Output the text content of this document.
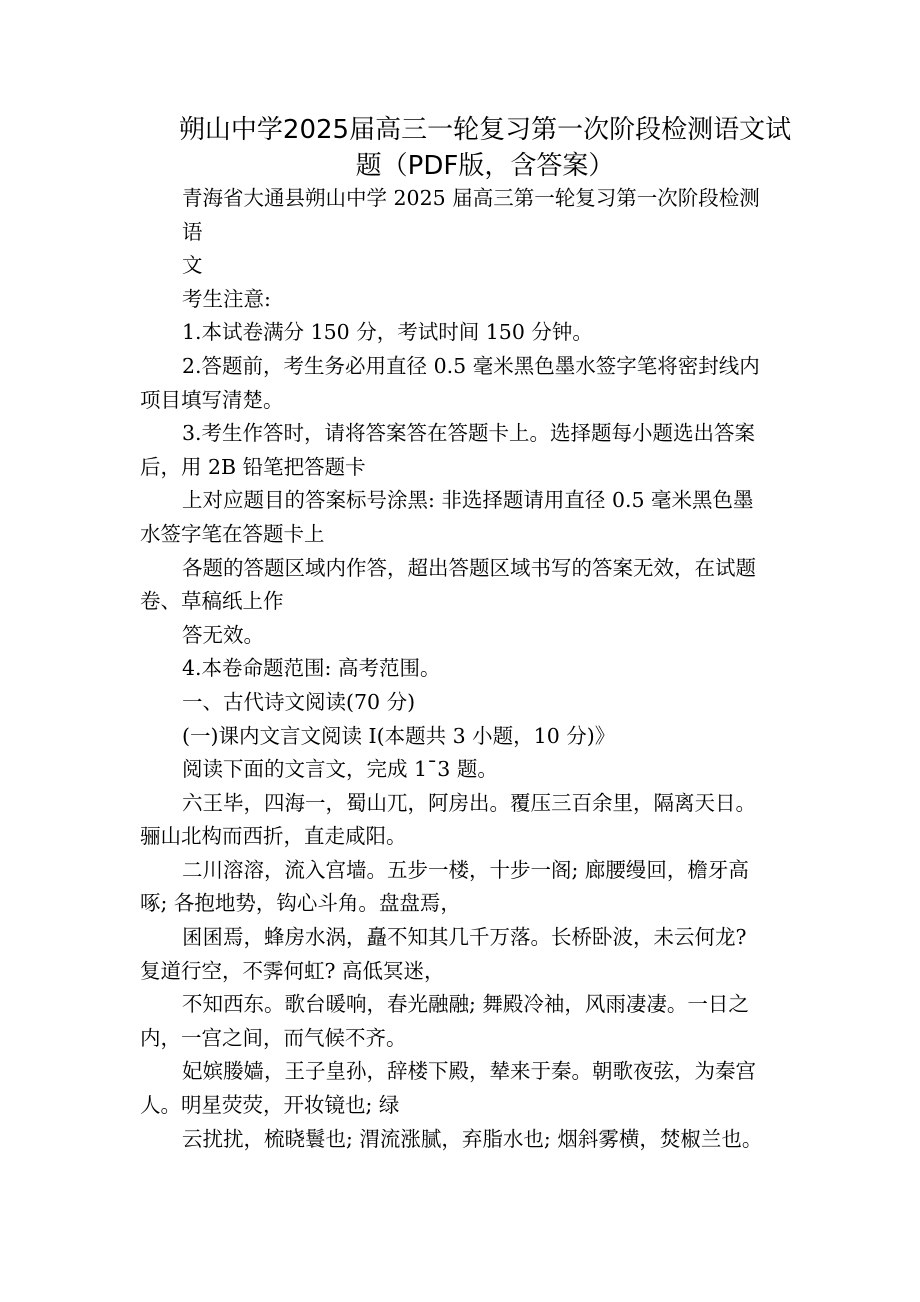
朔山中学2025届高三一轮复习第一次阶段检测语文试
题（PDF版，含答案）
青海省大通县朔山中学 2025 届高三第一轮复习第一次阶段检测
语
文
考生注意:
1.本试卷满分 150 分，考试时间 150 分钟。
2.答题前，考生务必用直径 0.5 毫米黑色墨水签字笔将密封线内
项目填写清楚。
3.考生作答时，请将答案答在答题卡上。选择题每小题选出答案
后，用 2B 铅笔把答题卡
上对应题目的答案标号涂黑: 非选择题请用直径 0.5 毫米黑色墨
水签字笔在答题卡上
各题的答题区域内作答，超出答题区域书写的答案无效，在试题
卷、草稿纸上作
答无效。
4.本卷命题范围: 高考范围。
一、古代诗文阅读(70 分)
(一)课内文言文阅读 I(本题共 3 小题，10 分)》
阅读下面的文言文，完成 1¯3 题。
六王毕，四海一，蜀山兀，阿房出。覆压三百余里，隔离天日。
骊山北构而西折，直走咸阳。
二川溶溶，流入宫墙。五步一楼，十步一阁; 廊腰缦回，檐牙高
啄; 各抱地势，钩心斗角。盘盘焉，
囷囷焉，蜂房水涡，矗不知其几千万落。长桥卧波，未云何龙?
复道行空，不霁何虹? 高低冥迷，
不知西东。歌台暖响，春光融融; 舞殿冷袖，风雨凄凄。一日之
内，一宫之间，而气候不齐。
妃嫔媵嫱，王子皇孙，辞楼下殿，辇来于秦。朝歌夜弦，为秦宫
人。明星荧荧，开妆镜也; 绿
云扰扰，梳晓鬟也; 渭流涨腻，弃脂水也; 烟斜雾横，焚椒兰也。
